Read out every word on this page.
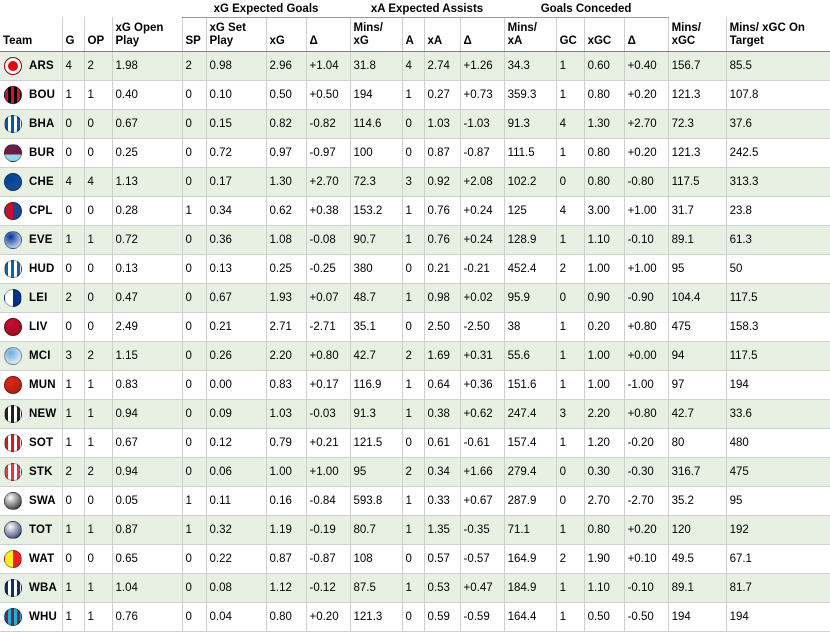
				xG Expected Goals				xA Expected Assists				Goals Conceded					
Team	G	OP	xG Open Play	SP	xG Set Play	xG	Δ	Mins/ xG	A	xA	Δ	Mins/ xA	GC	xGC	Δ	Mins/ xGC	Mins/ xGC On Target

ARS	4	2	1.98	2	0.98	2.96	+1.04	31.8	4	2.74	+1.26	34.3	1	0.60	+0.40	156.7	85.5

BOU	1	1	0.40	0	0.10	0.50	+0.50	194	1	0.27	+0.73	359.3	1	0.80	+0.20	121.3	107.8

BHA	0	0	0.67	0	0.15	0.82	-0.82	114.6	0	1.03	-1.03	91.3	4	1.30	+2.70	72.3	37.6

BUR	0	0	0.25	0	0.72	0.97	-0.97	100	0	0.87	-0.87	111.5	1	0.80	+0.20	121.3	242.5

CHE	4	4	1.13	0	0.17	1.30	+2.70	72.3	3	0.92	+2.08	102.2	0	0.80	-0.80	117.5	313.3

CPL	0	0	0.28	1	0.34	0.62	+0.38	153.2	1	0.76	+0.24	125	4	3.00	+1.00	31.7	23.8

EVE	1	1	0.72	0	0.36	1.08	-0.08	90.7	1	0.76	+0.24	128.9	1	1.10	-0.10	89.1	61.3

HUD	0	0	0.13	0	0.13	0.25	-0.25	380	0	0.21	-0.21	452.4	2	1.00	+1.00	95	50

LEI	2	0	0.47	0	0.67	1.93	+0.07	48.7	1	0.98	+0.02	95.9	0	0.90	-0.90	104.4	117.5

LIV	0	0	2.49	0	0.21	2.71	-2.71	35.1	0	2.50	-2.50	38	1	0.20	+0.80	475	158.3

MCI	3	2	1.15	0	0.26	2.20	+0.80	42.7	2	1.69	+0.31	55.6	1	1.00	+0.00	94	117.5

MUN	1	1	0.83	0	0.00	0.83	+0.17	116.9	1	0.64	+0.36	151.6	1	1.00	-1.00	97	194

NEW	1	1	0.94	0	0.09	1.03	-0.03	91.3	1	0.38	+0.62	247.4	3	2.20	+0.80	42.7	33.6

SOT	1	1	0.67	0	0.12	0.79	+0.21	121.5	0	0.61	-0.61	157.4	1	1.20	-0.20	80	480

STK	2	2	0.94	0	0.06	1.00	+1.00	95	2	0.34	+1.66	279.4	0	0.30	-0.30	316.7	475

SWA	0	0	0.05	1	0.11	0.16	-0.84	593.8	1	0.33	+0.67	287.9	0	2.70	-2.70	35.2	95

TOT	1	1	0.87	1	0.32	1.19	-0.19	80.7	1	1.35	-0.35	71.1	1	0.80	+0.20	120	192

WAT	0	0	0.65	0	0.22	0.87	-0.87	108	0	0.57	-0.57	164.9	2	1.90	+0.10	49.5	67.1

WBA	1	1	1.04	0	0.08	1.12	-0.12	87.5	1	0.53	+0.47	184.9	1	1.10	-0.10	89.1	81.7

WHU	1	1	0.76	0	0.04	0.80	+0.20	121.3	0	0.59	-0.59	164.4	1	0.50	-0.50	194	194
